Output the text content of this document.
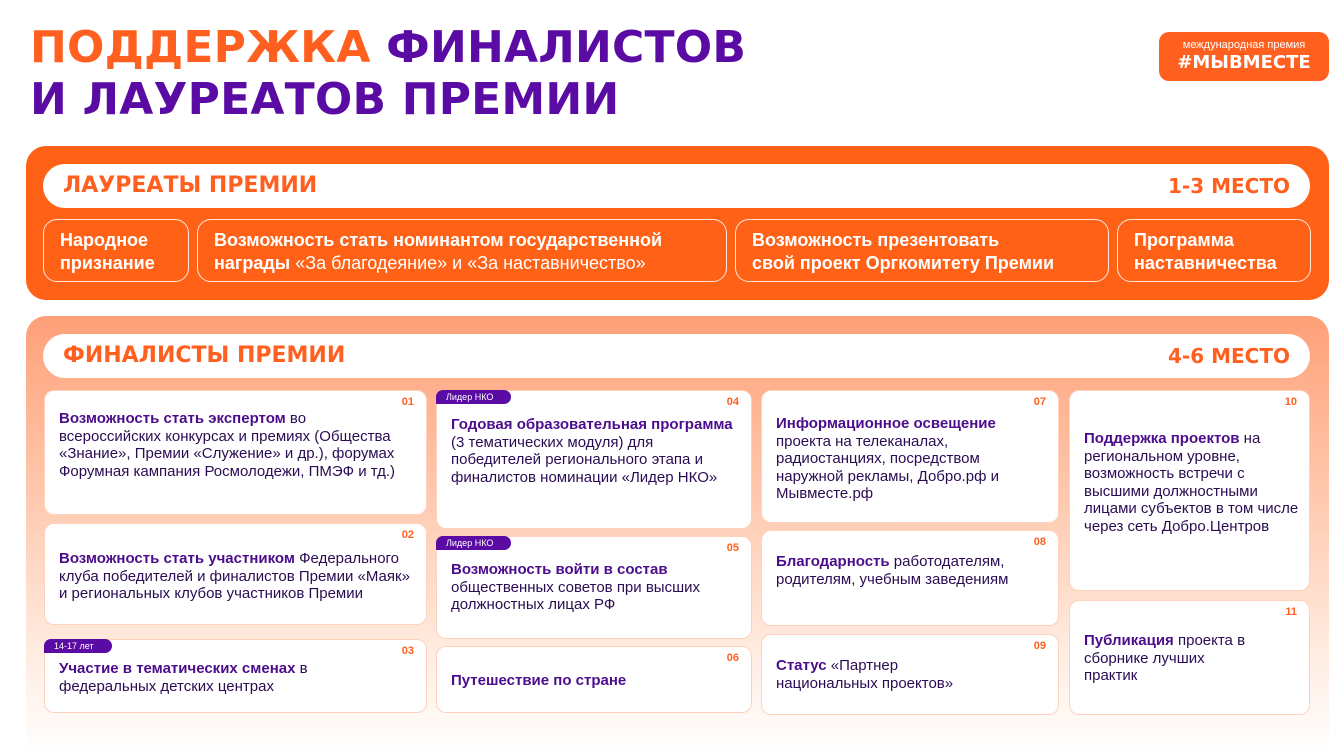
ПОДДЕРЖКА ФИНАЛИСТОВ
И ЛАУРЕАТОВ ПРЕМИИ
международная премия
#МЫВМЕСТЕ
ЛАУРЕАТЫ ПРЕМИИ	1-3 МЕСТО
Народное
признание
Возможность стать номинантом государственной
награды «За благодеяние» и «За наставничество»
Возможность презентовать
свой проект Оргкомитету Премии
Программа
наставничества
ФИНАЛИСТЫ ПРЕМИИ	4-6 МЕСТО
01
Возможность стать экспертом во всероссийских конкурсах и премиях (Общества «Знание», Премии «Служение» и др.), форумах Форумная кампания Росмолодежи, ПМЭФ и тд.)
02
Возможность стать участником Федерального клуба победителей и финалистов Премии «Маяк» и региональных клубов участников Премии
14-17 лет	03
Участие в тематических сменах в федеральных детских центрах
Лидер НКО	04
Годовая образовательная программа (3 тематических модуля) для победителей регионального этапа и финалистов номинации «Лидер НКО»
Лидер НКО	05
Возможность войти в состав общественных советов при высших должностных лицах РФ
06
Путешествие по стране
07
Информационное освещение проекта на телеканалах, радиостанциях, посредством наружной рекламы, Добро.рф и Мывместе.рф
08
Благодарность работодателям, родителям, учебным заведениям
09
Статус «Партнер национальных проектов»
10
Поддержка проектов на региональном уровне, возможность встречи с высшими должностными лицами субъектов в том числе через сеть Добро.Центров
11
Публикация проекта в сборнике лучших практик
